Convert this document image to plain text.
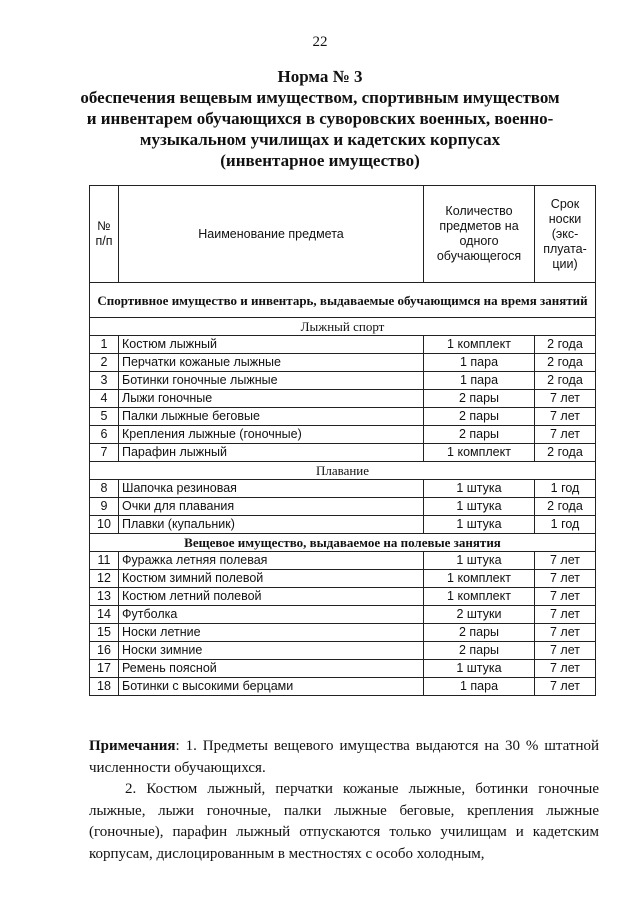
22
Норма № 3
обеспечения вещевым имуществом, спортивным имуществом
и инвентарем обучающихся в суворовских военных, военно-
музыкальном училищах и кадетских корпусах
(инвентарное имущество)
№ п/п	Наименование предмета	Количество предметов на одного обучающегося	Срок носки (экс-плуата-ции)
Спортивное имущество и инвентарь, выдаваемые обучающимся на время занятий			
Лыжный спорт			
1	Костюм лыжный	1 комплект	2 года
2	Перчатки кожаные лыжные	1 пара	2 года
3	Ботинки гоночные лыжные	1 пара	2 года
4	Лыжи гоночные	2 пары	7 лет
5	Палки лыжные беговые	2 пары	7 лет
6	Крепления лыжные (гоночные)	2 пары	7 лет
7	Парафин лыжный	1 комплект	2 года
Плавание			
8	Шапочка резиновая	1 штука	1 год
9	Очки для плавания	1 штука	2 года
10	Плавки (купальник)	1 штука	1 год
Вещевое имущество, выдаваемое на полевые занятия			
11	Фуражка летняя полевая	1 штука	7 лет
12	Костюм зимний полевой	1 комплект	7 лет
13	Костюм летний полевой	1 комплект	7 лет
14	Футболка	2 штуки	7 лет
15	Носки летние	2 пары	7 лет
16	Носки зимние	2 пары	7 лет
17	Ремень поясной	1 штука	7 лет
18	Ботинки с высокими берцами	1 пара	7 лет

Примечания: 1. Предметы вещевого имущества выдаются на 30 % штатной численности обучающихся.

2. Костюм лыжный, перчатки кожаные лыжные, ботинки гоночные лыжные, лыжи гоночные, палки лыжные беговые, крепления лыжные (гоночные), парафин лыжный отпускаются только училищам и кадетским корпусам, дислоцированным в местностях с особо холодным,
